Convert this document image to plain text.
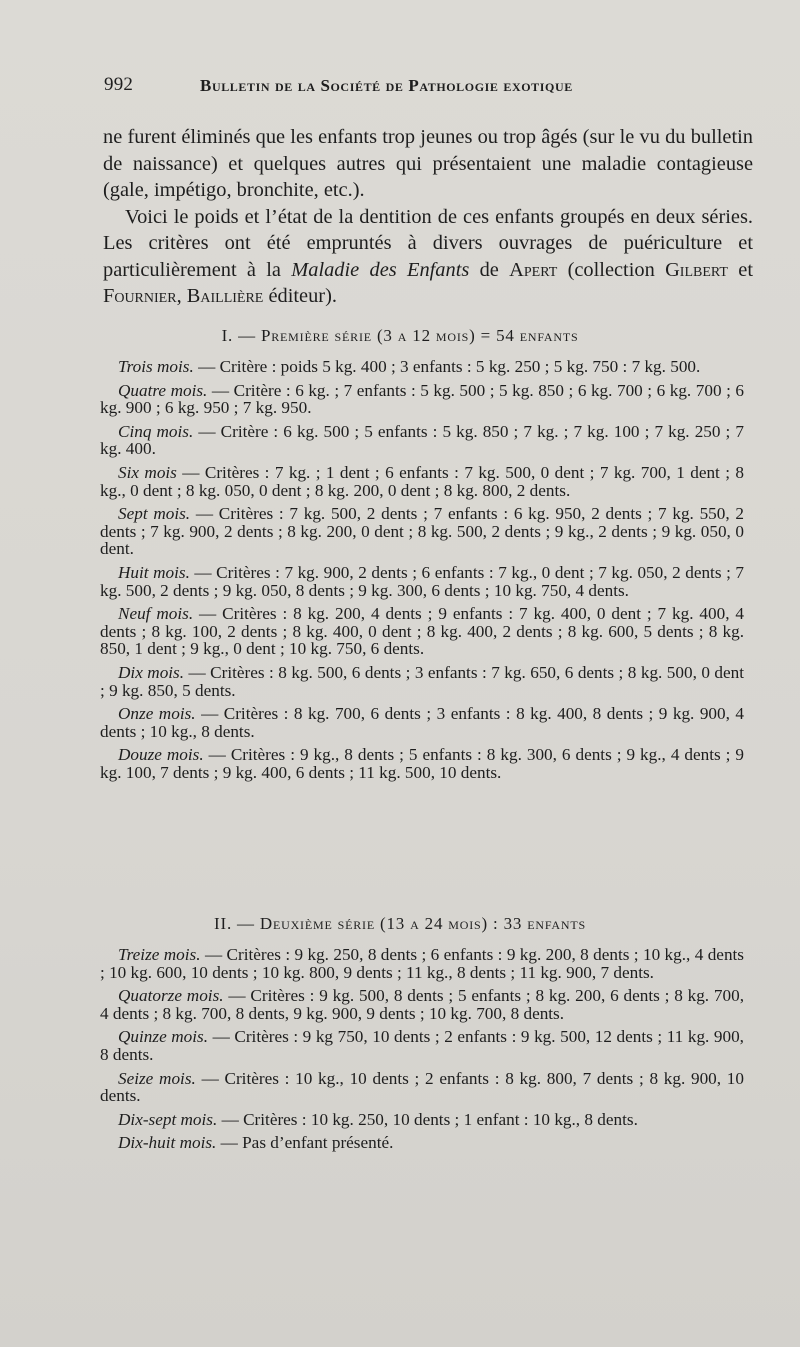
992	Bulletin de la Société de Pathologie exotique

ne furent éliminés que les enfants trop jeunes ou trop âgés (sur le vu du bulletin de naissance) et quelques autres qui présentaient une maladie contagieuse (gale, impétigo, bronchite, etc.).

Voici le poids et l’état de la dentition de ces enfants groupés en deux séries. Les critères ont été empruntés à divers ouvrages de puériculture et particulièrement à la Maladie des Enfants de Apert (collection Gilbert et Fournier, Baillière éditeur).

I. — Première série (3 a 12 mois) = 54 enfants

Trois mois. — Critère : poids 5 kg. 400 ; 3 enfants : 5 kg. 250 ; 5 kg. 750 : 7 kg. 500.

Quatre mois. — Critère : 6 kg. ; 7 enfants : 5 kg. 500 ; 5 kg. 850 ; 6 kg. 700 ; 6 kg. 700 ; 6 kg. 900 ; 6 kg. 950 ; 7 kg. 950.

Cinq mois. — Critère : 6 kg. 500 ; 5 enfants : 5 kg. 850 ; 7 kg. ; 7 kg. 100 ; 7 kg. 250 ; 7 kg. 400.

Six mois — Critères : 7 kg. ; 1 dent ; 6 enfants : 7 kg. 500, 0 dent ; 7 kg. 700, 1 dent ; 8 kg., 0 dent ; 8 kg. 050, 0 dent ; 8 kg. 200, 0 dent ; 8 kg. 800, 2 dents.

Sept mois. — Critères : 7 kg. 500, 2 dents ; 7 enfants : 6 kg. 950, 2 dents ; 7 kg. 550, 2 dents ; 7 kg. 900, 2 dents ; 8 kg. 200, 0 dent ; 8 kg. 500, 2 dents ; 9 kg., 2 dents ; 9 kg. 050, 0 dent.

Huit mois. — Critères : 7 kg. 900, 2 dents ; 6 enfants : 7 kg., 0 dent ; 7 kg. 050, 2 dents ; 7 kg. 500, 2 dents ; 9 kg. 050, 8 dents ; 9 kg. 300, 6 dents ; 10 kg. 750, 4 dents.

Neuf mois. — Critères : 8 kg. 200, 4 dents ; 9 enfants : 7 kg. 400, 0 dent ; 7 kg. 400, 4 dents ; 8 kg. 100, 2 dents ; 8 kg. 400, 0 dent ; 8 kg. 400, 2 dents ; 8 kg. 600, 5 dents ; 8 kg. 850, 1 dent ; 9 kg., 0 dent ; 10 kg. 750, 6 dents.

Dix mois. — Critères : 8 kg. 500, 6 dents ; 3 enfants : 7 kg. 650, 6 dents ; 8 kg. 500, 0 dent ; 9 kg. 850, 5 dents.

Onze mois. — Critères : 8 kg. 700, 6 dents ; 3 enfants : 8 kg. 400, 8 dents ; 9 kg. 900, 4 dents ; 10 kg., 8 dents.

Douze mois. — Critères : 9 kg., 8 dents ; 5 enfants : 8 kg. 300, 6 dents ; 9 kg., 4 dents ; 9 kg. 100, 7 dents ; 9 kg. 400, 6 dents ; 11 kg. 500, 10 dents.

II. — Deuxième série (13 a 24 mois) : 33 enfants

Treize mois. — Critères : 9 kg. 250, 8 dents ; 6 enfants : 9 kg. 200, 8 dents ; 10 kg., 4 dents ; 10 kg. 600, 10 dents ; 10 kg. 800, 9 dents ; 11 kg., 8 dents ; 11 kg. 900, 7 dents.

Quatorze mois. — Critères : 9 kg. 500, 8 dents ; 5 enfants ; 8 kg. 200, 6 dents ; 8 kg. 700, 4 dents ; 8 kg. 700, 8 dents, 9 kg. 900, 9 dents ; 10 kg. 700, 8 dents.

Quinze mois. — Critères : 9 kg 750, 10 dents ; 2 enfants : 9 kg. 500, 12 dents ; 11 kg. 900, 8 dents.

Seize mois. — Critères : 10 kg., 10 dents ; 2 enfants : 8 kg. 800, 7 dents ; 8 kg. 900, 10 dents.

Dix-sept mois. — Critères : 10 kg. 250, 10 dents ; 1 enfant : 10 kg., 8 dents.

Dix-huit mois. — Pas d’enfant présenté.
